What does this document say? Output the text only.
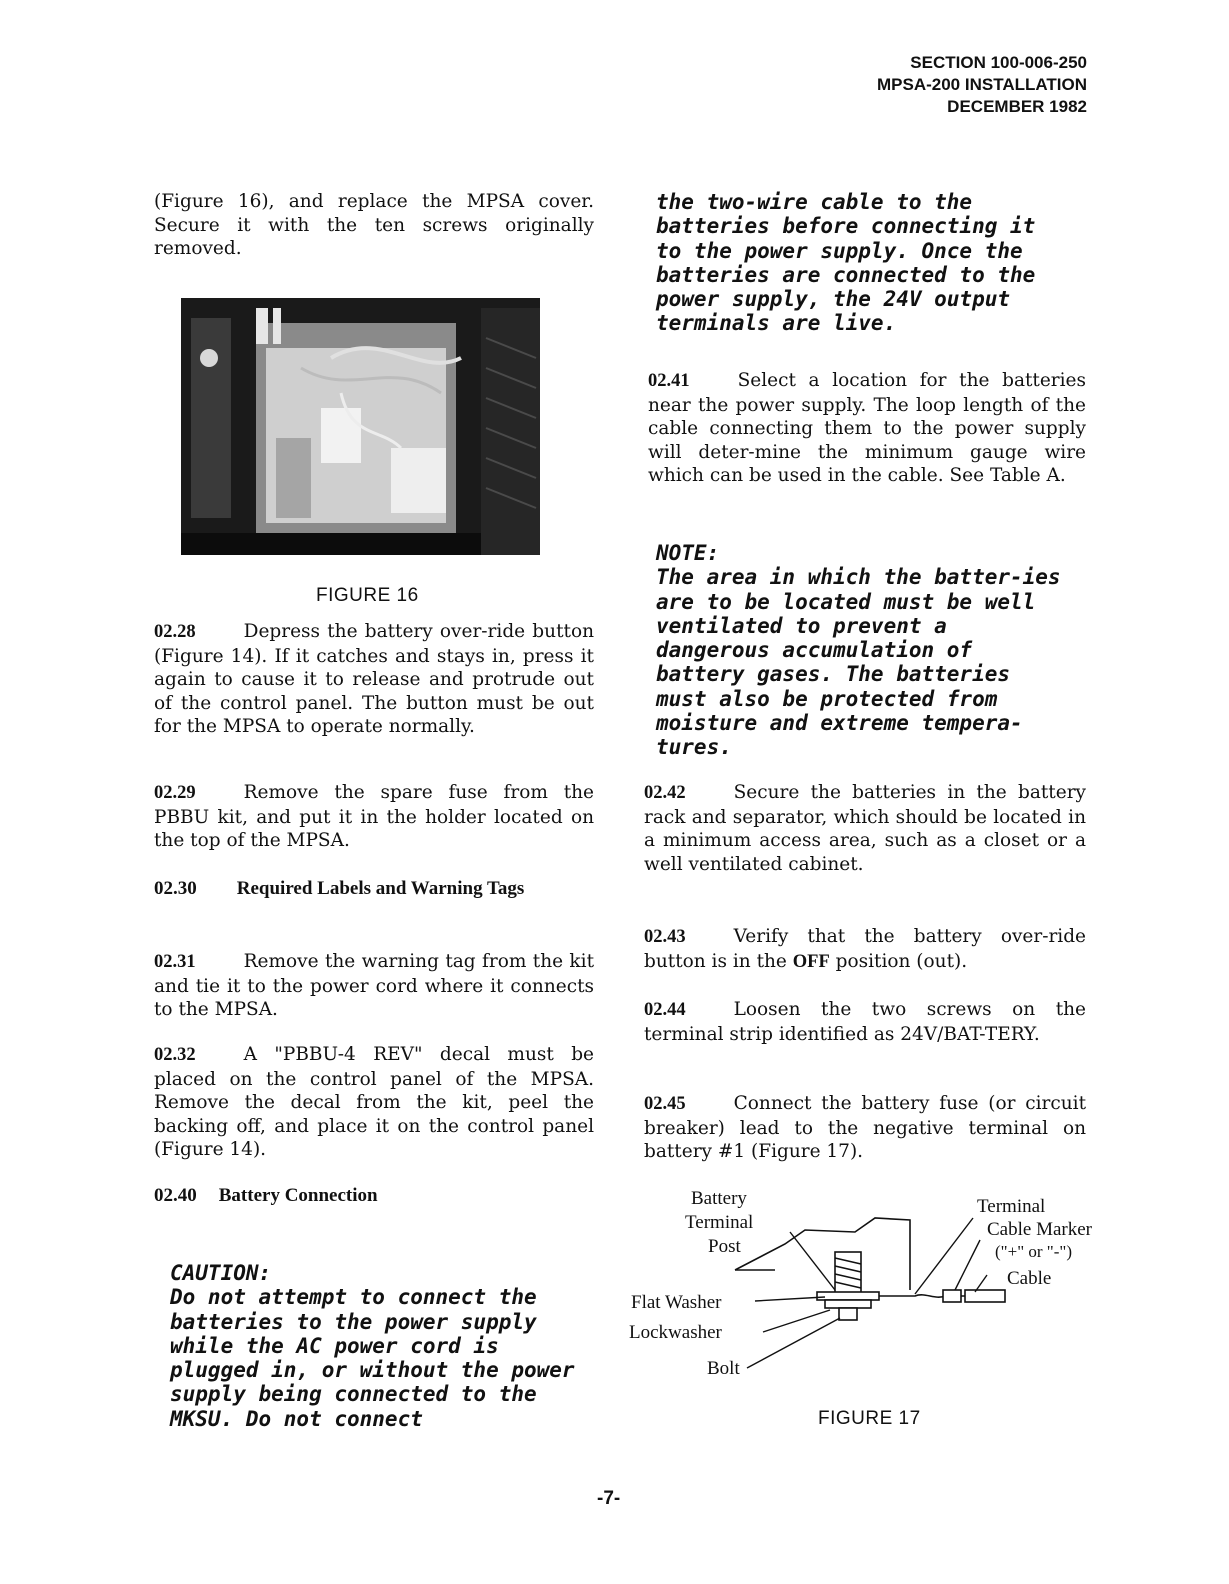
SECTION 100-006-250
MPSA-200 INSTALLATION
DECEMBER 1982

(Figure 16), and replace the MPSA cover. Secure it with the ten screws originally removed.

FIGURE 16

02.28	Depress the battery over-ride button (Figure 14). If it catches and stays in, press it again to cause it to release and protrude out of the control panel. The button must be out for the MPSA to operate normally.

02.29	Remove the spare fuse from the PBBU kit, and put it in the holder located on the top of the MPSA.

02.30 Required Labels and Warning Tags

02.31	Remove the warning tag from the kit and tie it to the power cord where it connects to the MPSA.

02.32	A "PBBU-4 REV" decal must be placed on the control panel of the MPSA. Remove the decal from the kit, peel the backing off, and place it on the control panel (Figure 14).

02.40 Battery Connection
CAUTION:

Do not attempt to connect the batteries to the power supply while the AC power cord is plugged in, or without the power supply being connected to the MKSU. Do not connect

the two-wire cable to the batteries before connecting it to the power supply. Once the batteries are connected to the power supply, the 24V output terminals are live.

02.41	Select a location for the batteries near the power supply. The loop length of the cable connecting them to the power supply will deter-mine the minimum gauge wire which can be used in the cable. See Table A.

NOTE:

The area in which the batter-ies are to be located must be well ventilated to prevent a dangerous accumulation of battery gases. The batteries must also be protected from moisture and extreme tempera-tures.

02.42	Secure the batteries in the battery rack and separator, which should be located in a minimum access area, such as a closet or a well ventilated cabinet.

02.43	Verify that the battery over-ride button is in the OFF position (out).

02.44	Loosen the two screws on the terminal strip identified as 24V/BAT-TERY.

02.45	Connect the battery fuse (or circuit breaker) lead to the negative terminal on battery #1 (Figure 17).

Battery
Terminal
Post
Flat Washer
Lockwasher
Bolt
Terminal
Cable Marker
("+" or "-")
Cable
FIGURE 17
-7-
